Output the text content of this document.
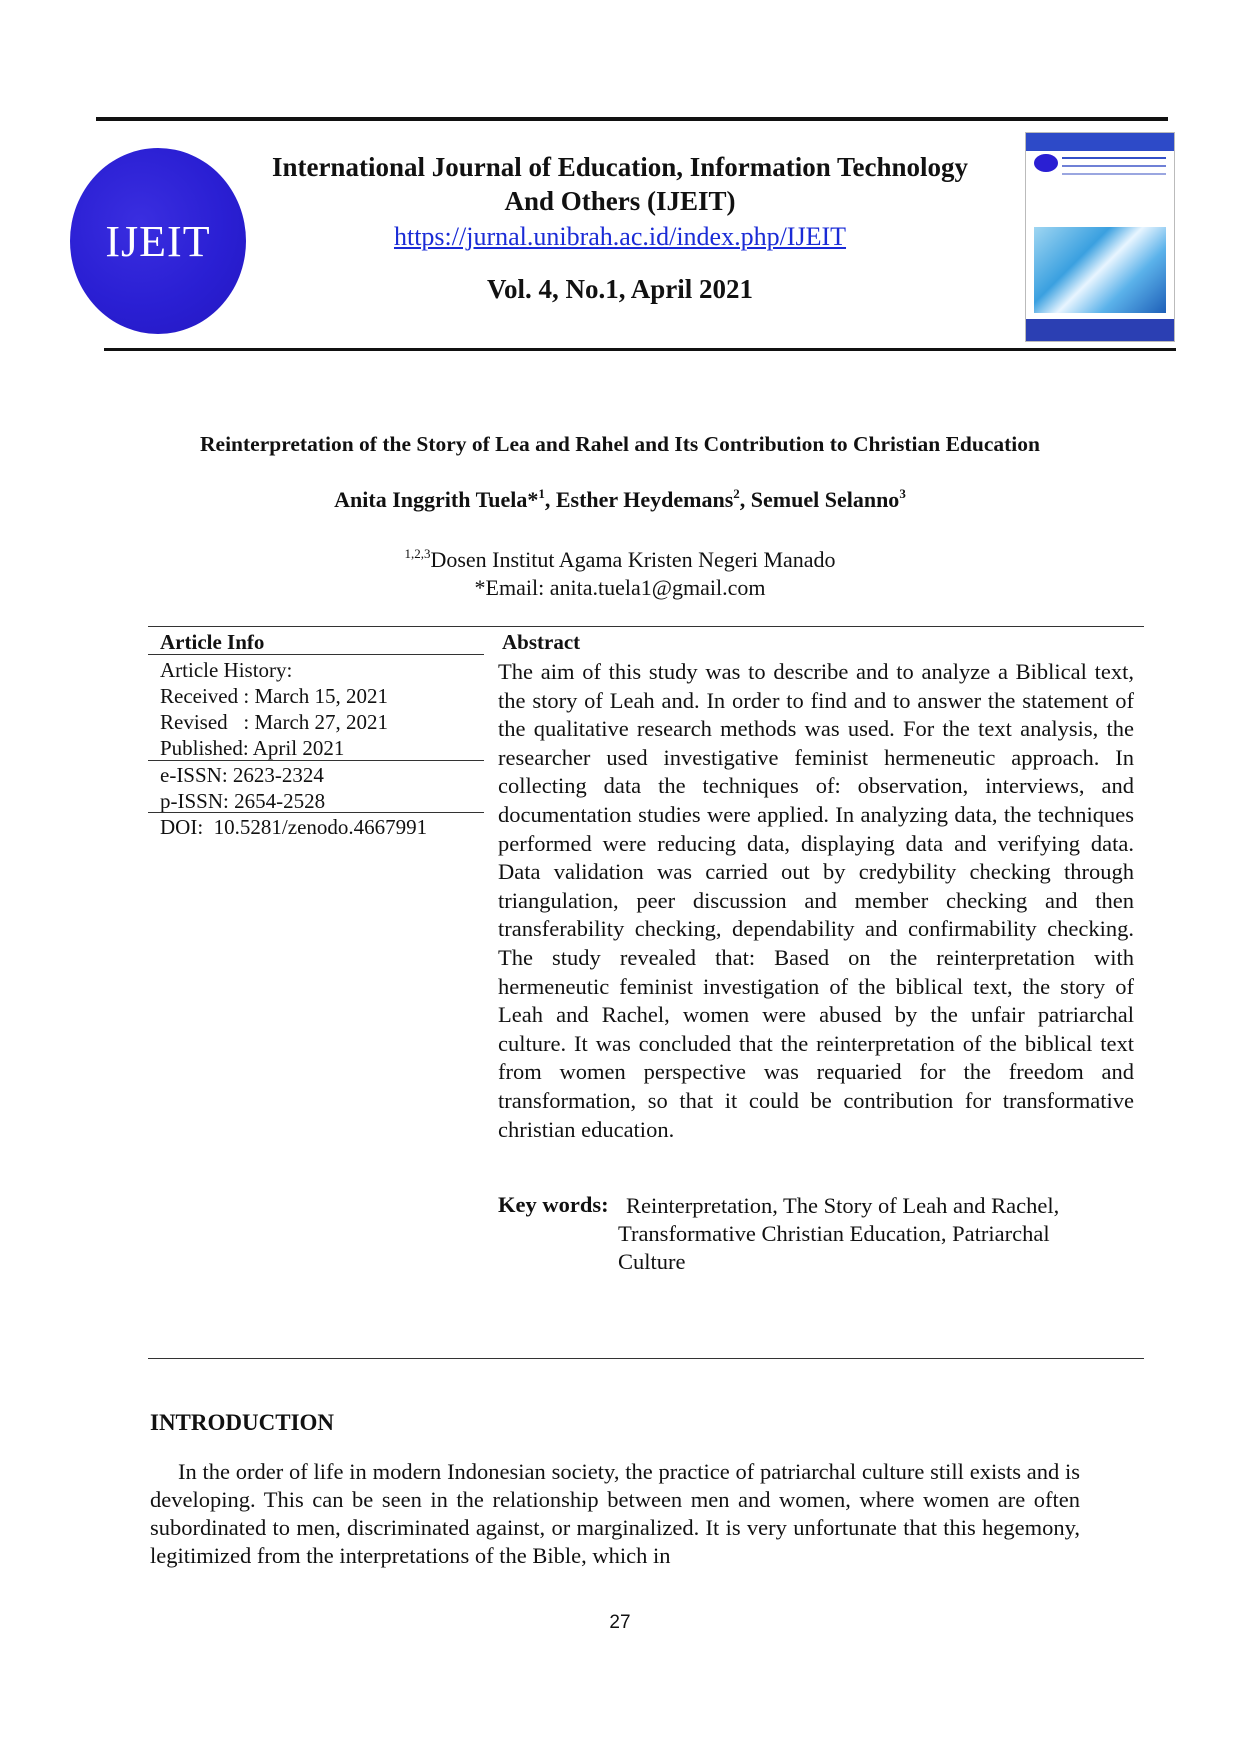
IJEIT
International Journal of Education, Information Technology
And Others (IJEIT)
https://jurnal.unibrah.ac.id/index.php/IJEIT
Vol. 4, No.1, April 2021
Reinterpretation of the Story of Lea and Rahel and Its Contribution to Christian Education
Anita Inggrith Tuela*$^1$, Esther Heydemans$^2$, Semuel Selanno$^3$
$^{1,2,3}$Dosen Institut Agama Kristen Negeri Manado
*Email: anita.tuela1@gmail.com
Article Info	Abstract
Article History:
Received : March 15, 2021
Revised   : March 27, 2021
Published: April 2021
e-ISSN: 2623-2324
p-ISSN: 2654-2528
DOI:  10.5281/zenodo.4667991
The aim of this study was to describe and to analyze a Biblical text, the story of Leah and. In order to find and to answer the statement of the qualitative research methods was used. For the text analysis, the researcher used investigative feminist hermeneutic approach. In collecting data the techniques of: observation, interviews, and documentation studies were applied. In analyzing data, the techniques performed were reducing data, displaying data and verifying data. Data validation was carried out by credybility checking through triangulation, peer discussion and member checking and then transferability checking, dependability and confirmability checking. The study revealed that: Based on the reinterpretation with hermeneutic feminist investigation of the biblical text, the story of Leah and Rachel, women were abused by the unfair patriarchal culture. It was concluded that the reinterpretation of the biblical text from women perspective was requaried for the freedom and transformation, so that it could be contribution for transformative christian education.
Key words: Reinterpretation, The Story of Leah and Rachel,
Transformative Christian Education, Patriarchal
Culture
INTRODUCTION
In the order of life in modern Indonesian society, the practice of patriarchal culture still exists and is developing. This can be seen in the relationship between men and women, where women are often subordinated to men, discriminated against, or marginalized. It is very unfortunate that this hegemony, legitimized from the interpretations of the Bible, which in
27
